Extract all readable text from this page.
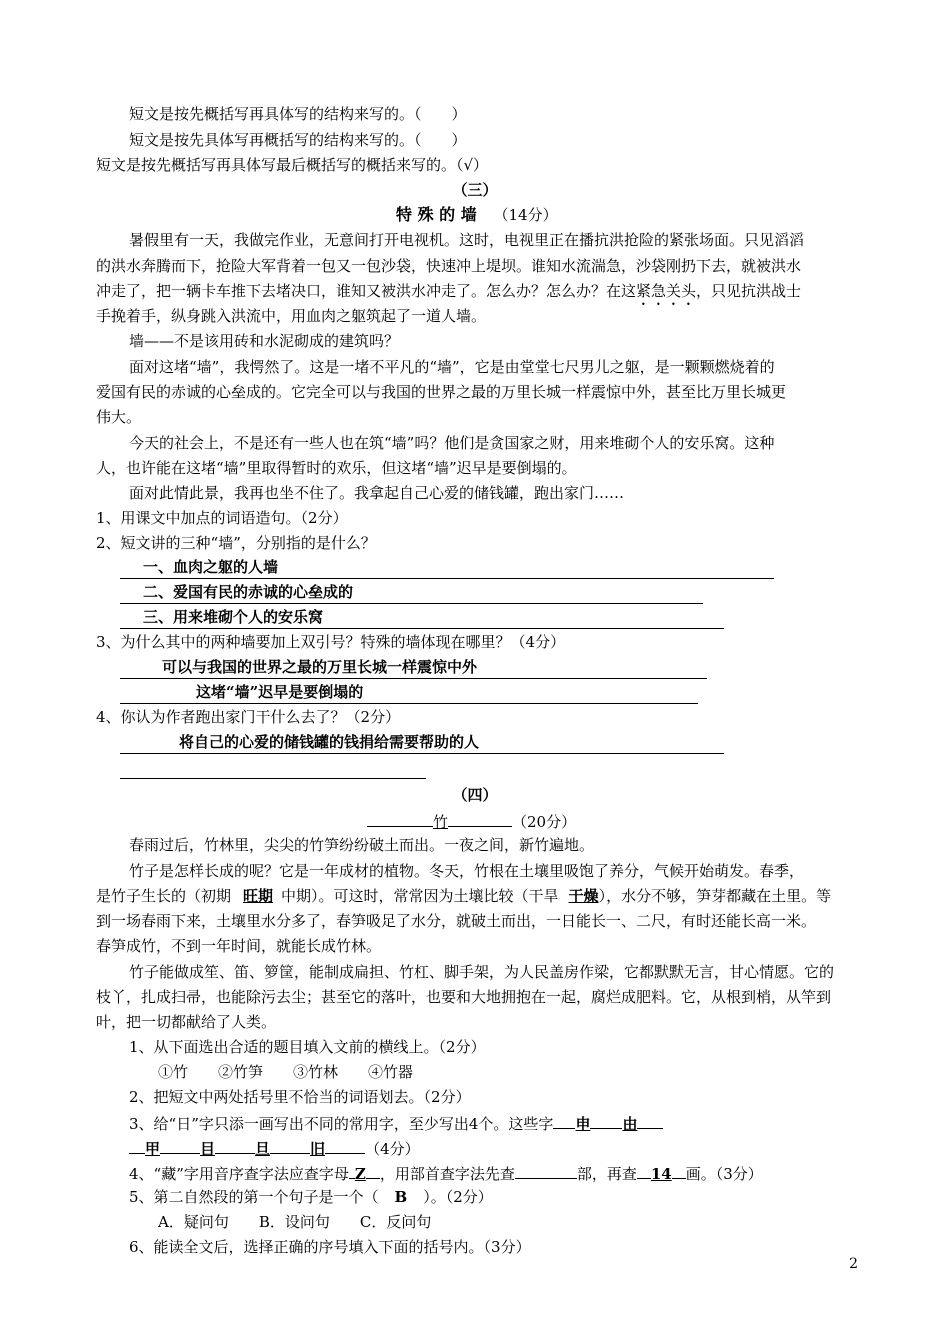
短文是按先概括写再具体写的结构来写的。（　　）
短文是按先具体写再概括写的结构来写的。（　　）
短文是按先概括写再具体写最后概括写的概括来写的。（√）
（三）
特 殊 的 墙 （14分）
暑假里有一天，我做完作业，无意间打开电视机。这时，电视里正在播抗洪抢险的紧张场面。只见滔滔
的洪水奔腾而下，抢险大军背着一包又一包沙袋，快速冲上堤坝。谁知水流湍急，沙袋刚扔下去，就被洪水
冲走了，把一辆卡车推下去堵决口，谁知又被洪水冲走了。怎么办？怎么办？在这紧急关头，只见抗洪战士
手挽着手，纵身跳入洪流中，用血肉之躯筑起了一道人墙。
墙——不是该用砖和水泥砌成的建筑吗？
面对这堵“墙”，我愕然了。这是一堵不平凡的“墙”，它是由堂堂七尺男儿之躯，是一颗颗燃烧着的
爱国有民的赤诚的心垒成的。它完全可以与我国的世界之最的万里长城一样震惊中外，甚至比万里长城更
伟大。
今天的社会上，不是还有一些人也在筑“墙”吗？他们是贪国家之财，用来堆砌个人的安乐窝。这种
人，也许能在这堵“墙”里取得暂时的欢乐，但这堵“墙”迟早是要倒塌的。
面对此情此景，我再也坐不住了。我拿起自己心爱的储钱罐，跑出家门……
1、用课文中加点的词语造句。（2分）
2、短文讲的三种“墙”，分别指的是什么？
一、血肉之躯的人墙
二、爱国有民的赤诚的心垒成的
三、用来堆砌个人的安乐窝
3、为什么其中的两种墙要加上双引号？特殊的墙体现在哪里？（4分）
可以与我国的世界之最的万里长城一样震惊中外
这堵“墙”迟早是要倒塌的
4、你认为作者跑出家门干什么去了？（2分）
将自己的心爱的储钱罐的钱捐给需要帮助的人
（四）
竹	（20分）
春雨过后，竹林里，尖尖的竹笋纷纷破土而出。一夜之间，新竹遍地。
竹子是怎样长成的呢？它是一年成材的植物。冬天，竹根在土壤里吸饱了养分，气候开始萌发。春季，
是竹子生长的（初期 旺期 中期）。可这时，常常因为土壤比较（干旱 干燥），水分不够，笋芽都藏在土里。等
到一场春雨下来，土壤里水分多了，春笋吸足了水分，就破土而出，一日能长一、二尺，有时还能长高一米。
春笋成竹，不到一年时间，就能长成竹林。
竹子能做成笙、笛、箩筐，能制成扁担、竹杠、脚手架，为人民盖房作梁，它都默默无言，甘心情愿。它的
枝丫，扎成扫帚，也能除污去尘；甚至它的落叶，也要和大地拥抱在一起，腐烂成肥料。它，从根到梢，从竿到
叶，把一切都献给了人类。
1、从下面选出合适的题目填入文前的横线上。（2分）
①竹　　②竹笋　　③竹林　　④竹器
2、把短文中两处括号里不恰当的词语划去。（2分）
3、给“日”字只添一画写出不同的常用字，至少写出4个。这些字 申 由
甲	目	旦	旧	（4分）
4、“藏”字用音序查字法应查字母 Z ，用部首查字法先查	部，再查 14 画。（3分）
5、第二自然段的第一个句子是一个（ B ）。（2分）
A．疑问句　　B．设问句　　C．反问句
6、能读全文后，选择正确的序号填入下面的括号内。（3分）
2
